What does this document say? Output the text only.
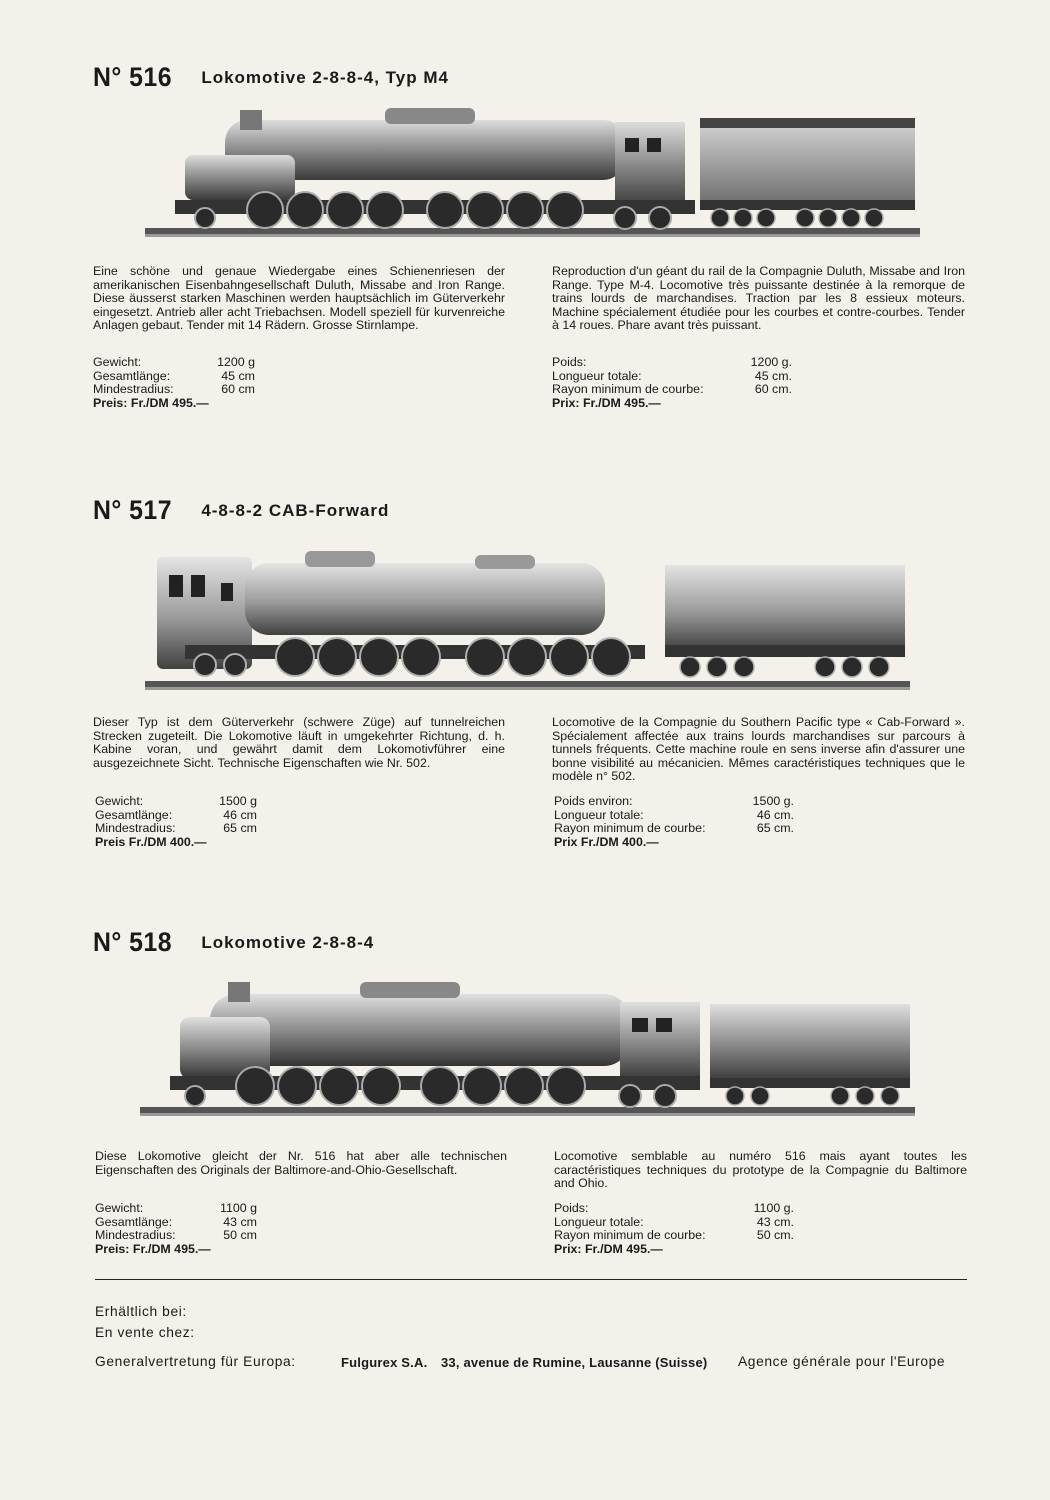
N° 516 Lokomotive 2-8-8-4, Typ M4

Eine schöne und genaue Wiedergabe eines Schienenriesen der amerikanischen Eisenbahngesellschaft Duluth, Missabe and Iron Range. Diese äusserst starken Maschinen werden hauptsächlich im Güterverkehr eingesetzt. Antrieb aller acht Triebachsen. Modell speziell für kurvenreiche Anlagen gebaut. Tender mit 14 Rädern. Grosse Stirnlampe.

Reproduction d'un géant du rail de la Compagnie Duluth, Missabe and Iron Range. Type M-4. Locomotive très puissante destinée à la remorque de trains lourds de marchandises. Traction par les 8 essieux moteurs. Machine spécialement étudiée pour les courbes et contre-courbes. Tender à 14 roues. Phare avant très puissant.

Gewicht:	1200 g
Gesamtlänge:	45 cm
Mindestradius:	60 cm
Preis: Fr./DM 495.—
Poids:	1200 g.
Longueur totale:	45 cm.
Rayon minimum de courbe:	60 cm.
Prix: Fr./DM 495.—
N° 517 4-8-8-2 CAB-Forward

Dieser Typ ist dem Güterverkehr (schwere Züge) auf tunnelreichen Strecken zugeteilt. Die Lokomotive läuft in umgekehrter Richtung, d. h. Kabine voran, und gewährt damit dem Lokomotivführer eine ausgezeichnete Sicht. Technische Eigenschaften wie Nr. 502.

Locomotive de la Compagnie du Southern Pacific type « Cab-Forward ». Spécialement affectée aux trains lourds marchandises sur parcours à tunnels fréquents. Cette machine roule en sens inverse afin d'assurer une bonne visibilité au mécanicien. Mêmes caractéristiques techniques que le modèle n° 502.

Gewicht:	1500 g
Gesamtlänge:	46 cm
Mindestradius:	65 cm
Preis Fr./DM 400.—
Poids environ:	1500 g.
Longueur totale:	46 cm.
Rayon minimum de courbe:	65 cm.
Prix Fr./DM 400.—
N° 518 Lokomotive 2-8-8-4

Diese Lokomotive gleicht der Nr. 516 hat aber alle technischen Eigenschaften des Originals der Baltimore-and-Ohio-Gesellschaft.

Locomotive semblable au numéro 516 mais ayant toutes les caractéristiques techniques du prototype de la Compagnie du Baltimore and Ohio.

Gewicht:	1100 g
Gesamtlänge:	43 cm
Mindestradius:	50 cm
Preis: Fr./DM 495.—
Poids:	1100 g.
Longueur totale:	43 cm.
Rayon minimum de courbe:	50 cm.
Prix: Fr./DM 495.—
Erhältlich bei:
En vente chez:
Generalvertretung für Europa:	Fulgurex S.A. 33, avenue de Rumine, Lausanne (Suisse) Agence générale pour l'Europe
